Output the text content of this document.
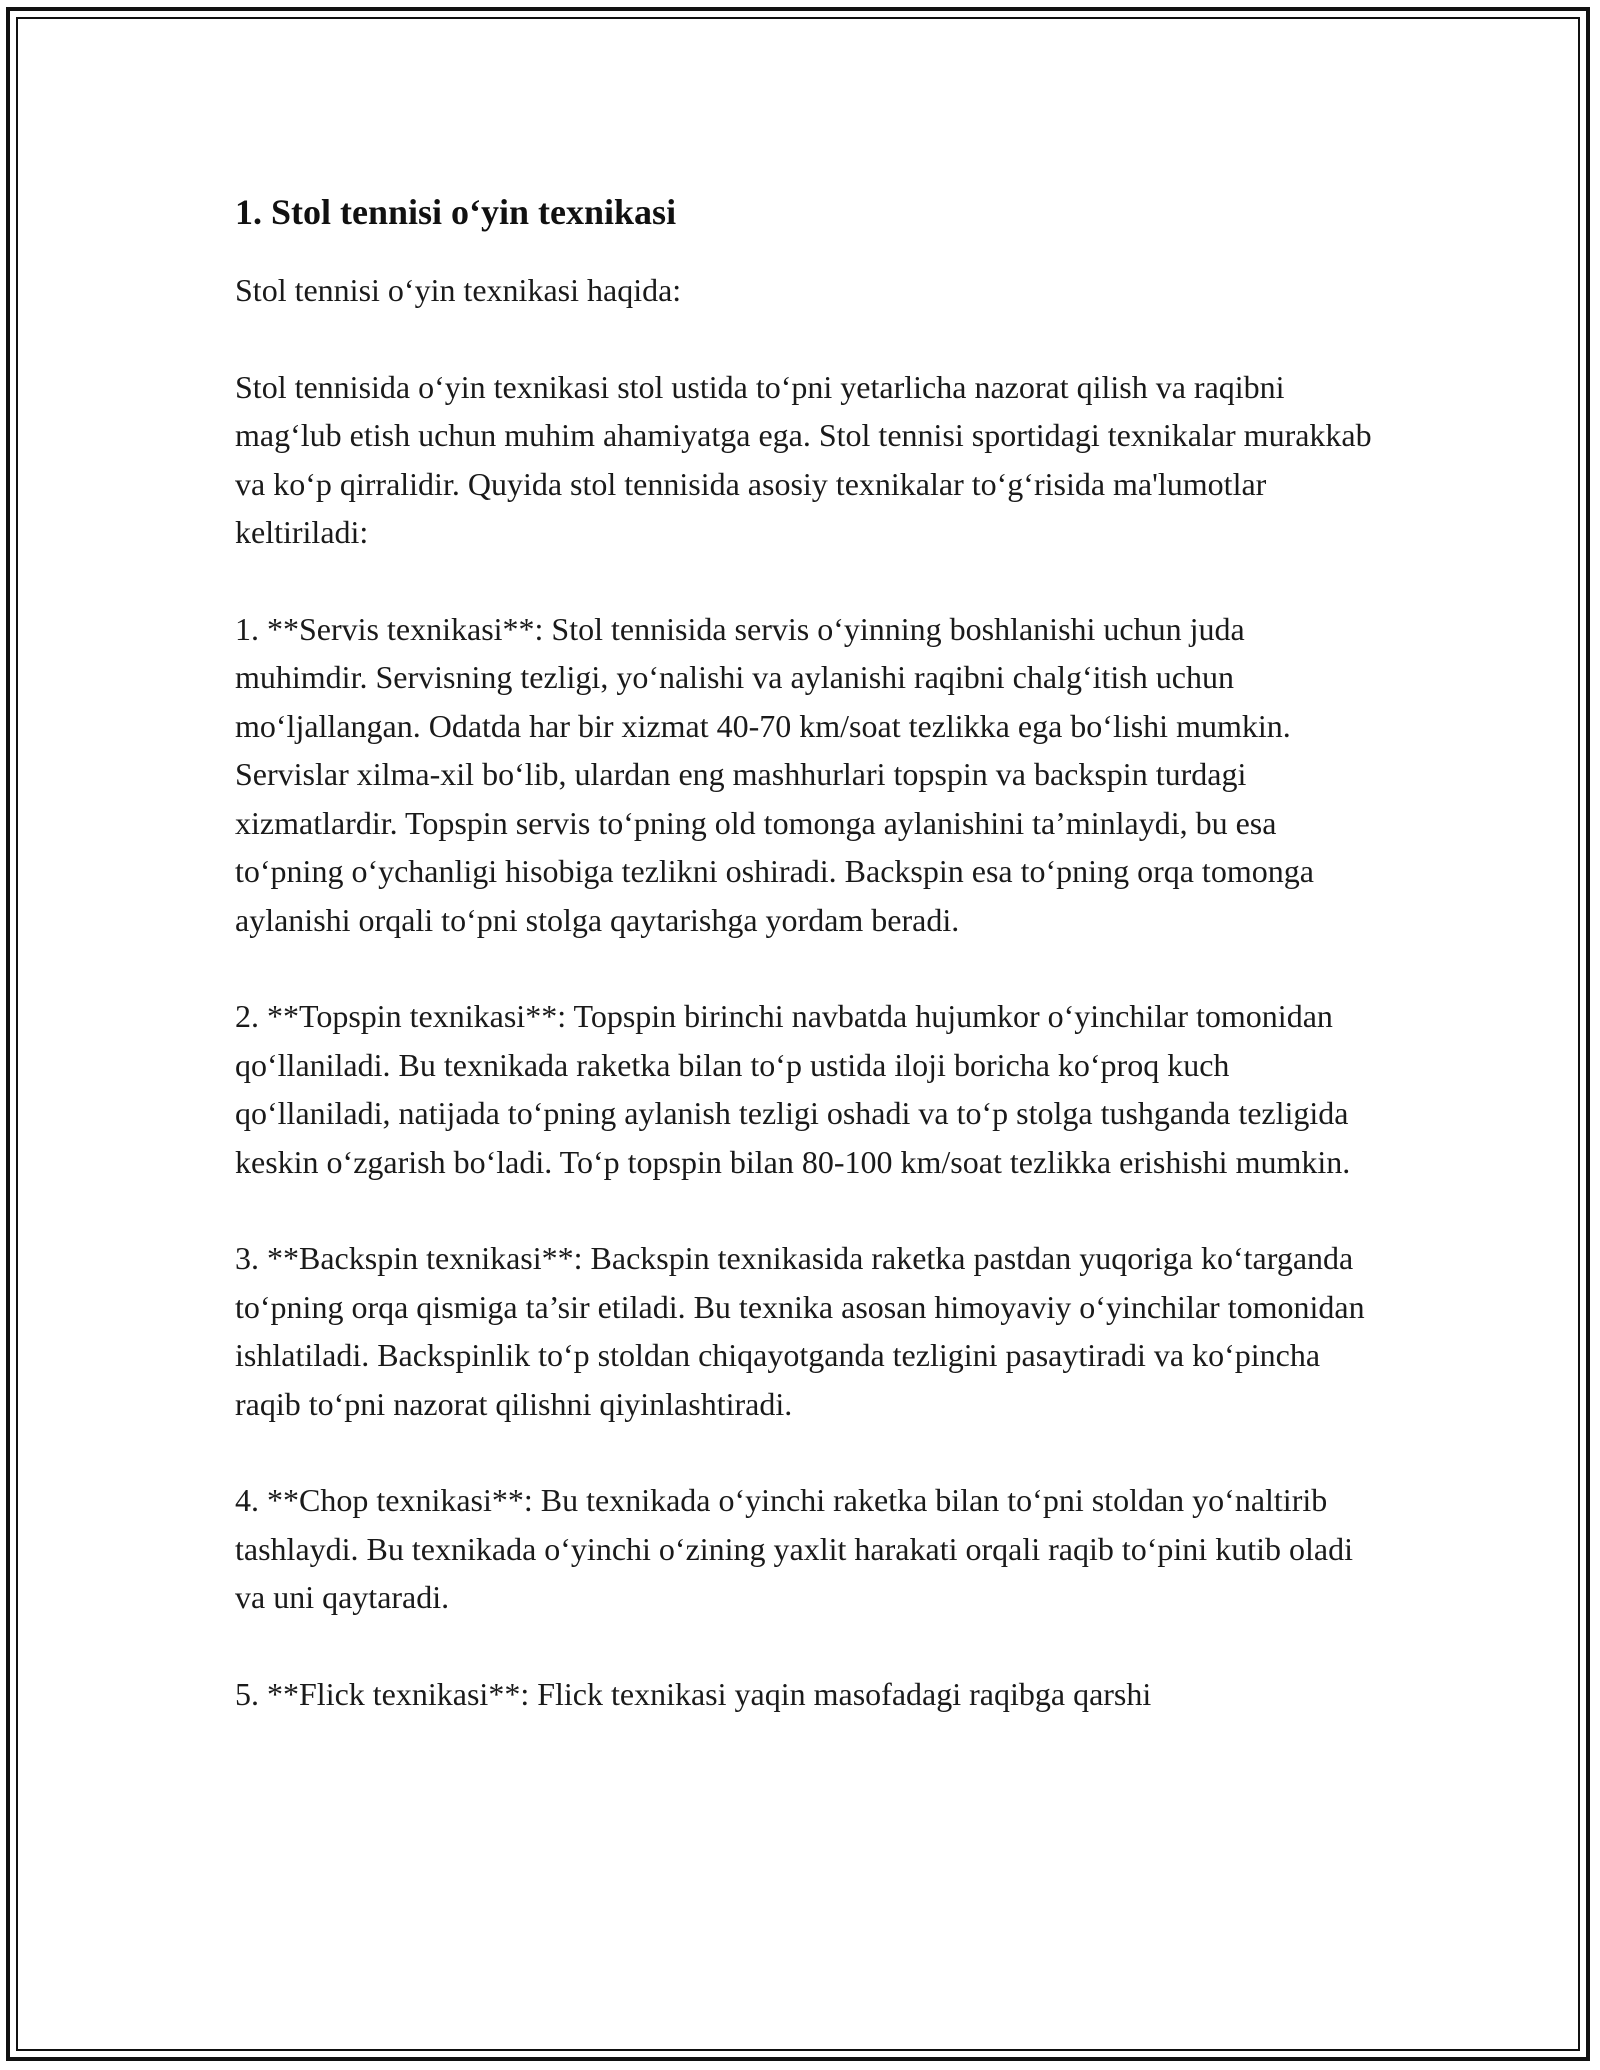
1. Stol tennisi o‘yin texnikasi

Stol tennisi o‘yin texnikasi haqida:

Stol tennisida o‘yin texnikasi stol ustida to‘pni yetarlicha nazorat qilish va raqibni mag‘lub etish uchun muhim ahamiyatga ega. Stol tennisi sportidagi texnikalar murakkab va ko‘p qirralidir. Quyida stol tennisida asosiy texnikalar to‘g‘risida ma'lumotlar keltiriladi:

1. **Servis texnikasi**: Stol tennisida servis o‘yinning boshlanishi uchun juda muhimdir. Servisning tezligi, yo‘nalishi va aylanishi raqibni chalg‘itish uchun mo‘ljallangan. Odatda har bir xizmat 40-70 km/soat tezlikka ega bo‘lishi mumkin. Servislar xilma-xil bo‘lib, ulardan eng mashhurlari topspin va backspin turdagi xizmatlardir. Topspin servis to‘pning old tomonga aylanishini ta’minlaydi, bu esa to‘pning o‘ychanligi hisobiga tezlikni oshiradi. Backspin esa to‘pning orqa tomonga aylanishi orqali to‘pni stolga qaytarishga yordam beradi.

2. **Topspin texnikasi**: Topspin birinchi navbatda hujumkor o‘yinchilar tomonidan qo‘llaniladi. Bu texnikada raketka bilan to‘p ustida iloji boricha ko‘proq kuch qo‘llaniladi, natijada to‘pning aylanish tezligi oshadi va to‘p stolga tushganda tezligida keskin o‘zgarish bo‘ladi. To‘p topspin bilan 80-100 km/soat tezlikka erishishi mumkin.

3. **Backspin texnikasi**: Backspin texnikasida raketka pastdan yuqoriga ko‘targanda to‘pning orqa qismiga ta’sir etiladi. Bu texnika asosan himoyaviy o‘yinchilar tomonidan ishlatiladi. Backspinlik to‘p stoldan chiqayotganda tezligini pasaytiradi va ko‘pincha raqib to‘pni nazorat qilishni qiyinlashtiradi.

4. **Chop texnikasi**: Bu texnikada o‘yinchi raketka bilan to‘pni stoldan yo‘naltirib tashlaydi. Bu texnikada o‘yinchi o‘zining yaxlit harakati orqali raqib to‘pini kutib oladi va uni qaytaradi.

5. **Flick texnikasi**: Flick texnikasi yaqin masofadagi raqibga qarshi
